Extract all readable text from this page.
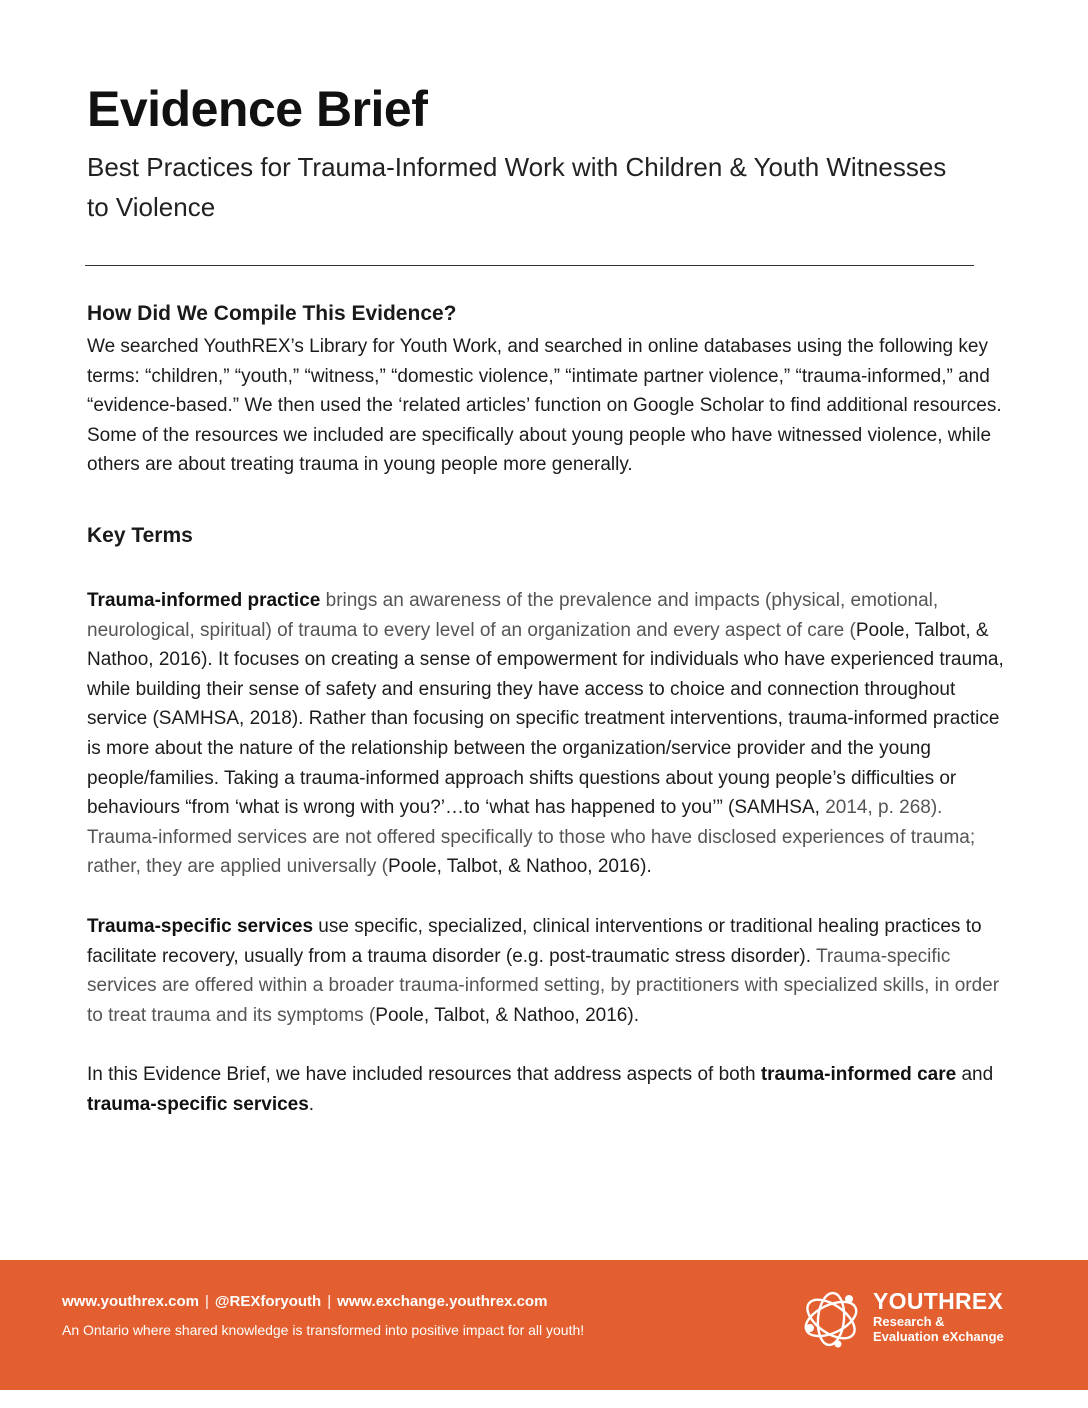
Evidence Brief

Best Practices for Trauma-Informed Work with Children & Youth Witnesses to Violence

How Did We Compile This Evidence?

We searched YouthREX’s Library for Youth Work, and searched in online databases using the following key terms: “children,” “youth,” “witness,” “domestic violence,” “intimate partner violence,” “trauma-informed,” and “evidence-based.” We then used the ‘related articles’ function on Google Scholar to find additional resources. Some of the resources we included are specifically about young people who have witnessed violence, while others are about treating trauma in young people more generally.

Key Terms

Trauma-informed practice brings an awareness of the prevalence and impacts (physical, emotional, neurological, spiritual) of trauma to every level of an organization and every aspect of care (Poole, Talbot, & Nathoo, 2016). It focuses on creating a sense of empowerment for individuals who have experienced trauma, while building their sense of safety and ensuring they have access to choice and connection throughout service (SAMHSA, 2018). Rather than focusing on specific treatment interventions, trauma-informed practice is more about the nature of the relationship between the organization/service provider and the young people/families. Taking a trauma-informed approach shifts questions about young people’s difficulties or behaviours “from ‘what is wrong with you?’…to ‘what has happened to you’” (SAMHSA, 2014, p. 268). Trauma-informed services are not offered specifically to those who have disclosed experiences of trauma; rather, they are applied universally (Poole, Talbot, & Nathoo, 2016).

Trauma-specific services use specific, specialized, clinical interventions or traditional healing practices to facilitate recovery, usually from a trauma disorder (e.g. post-traumatic stress disorder). Trauma-specific services are offered within a broader trauma-informed setting, by practitioners with specialized skills, in order to treat trauma and its symptoms (Poole, Talbot, & Nathoo, 2016).

In this Evidence Brief, we have included resources that address aspects of both trauma-informed care and trauma-specific services.

www.youthrex.com | @REXforyouth | www.exchange.youthrex.com
An Ontario where shared knowledge is transformed into positive impact for all youth!
YOUTHREX
Research &
Evaluation eXchange
